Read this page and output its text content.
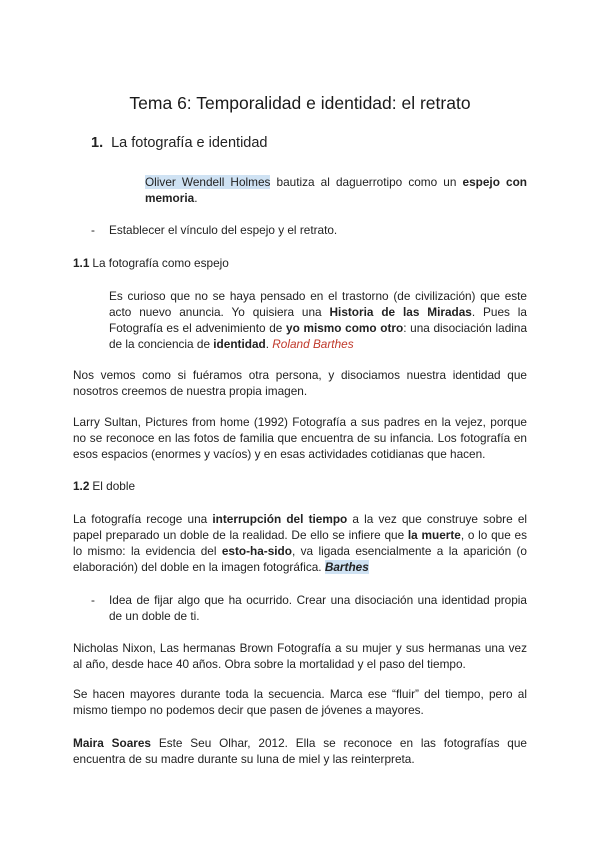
Tema 6: Temporalidad e identidad: el retrato
1. La fotografía e identidad

Oliver Wendell Holmes bautiza al daguerrotipo como un espejo con memoria.

- Establecer el vínculo del espejo y el retrato.

1.1 La fotografía como espejo

Es curioso que no se haya pensado en el trastorno (de civilización) que este acto nuevo anuncia. Yo quisiera una Historia de las Miradas. Pues la Fotografía es el advenimiento de yo mismo como otro: una disociación ladina de la conciencia de identidad. Roland Barthes

Nos vemos como si fuéramos otra persona, y disociamos nuestra identidad que nosotros creemos de nuestra propia imagen.

Larry Sultan, Pictures from home (1992) Fotografía a sus padres en la vejez, porque no se reconoce en las fotos de familia que encuentra de su infancia. Los fotografía en esos espacios (enormes y vacíos) y en esas actividades cotidianas que hacen.

1.2 El doble

La fotografía recoge una interrupción del tiempo a la vez que construye sobre el papel preparado un doble de la realidad. De ello se infiere que la muerte, o lo que es lo mismo: la evidencia del esto-ha-sido, va ligada esencialmente a la aparición (o elaboración) del doble en la imagen fotográfica. Barthes

- Idea de fijar algo que ha ocurrido. Crear una disociación una identidad propia de un doble de ti.

Nicholas Nixon, Las hermanas Brown Fotografía a su mujer y sus hermanas una vez al año, desde hace 40 años. Obra sobre la mortalidad y el paso del tiempo.

Se hacen mayores durante toda la secuencia. Marca ese “fluir” del tiempo, pero al mismo tiempo no podemos decir que pasen de jóvenes a mayores.

Maira Soares Este Seu Olhar, 2012. Ella se reconoce en las fotografías que encuentra de su madre durante su luna de miel y las reinterpreta.
